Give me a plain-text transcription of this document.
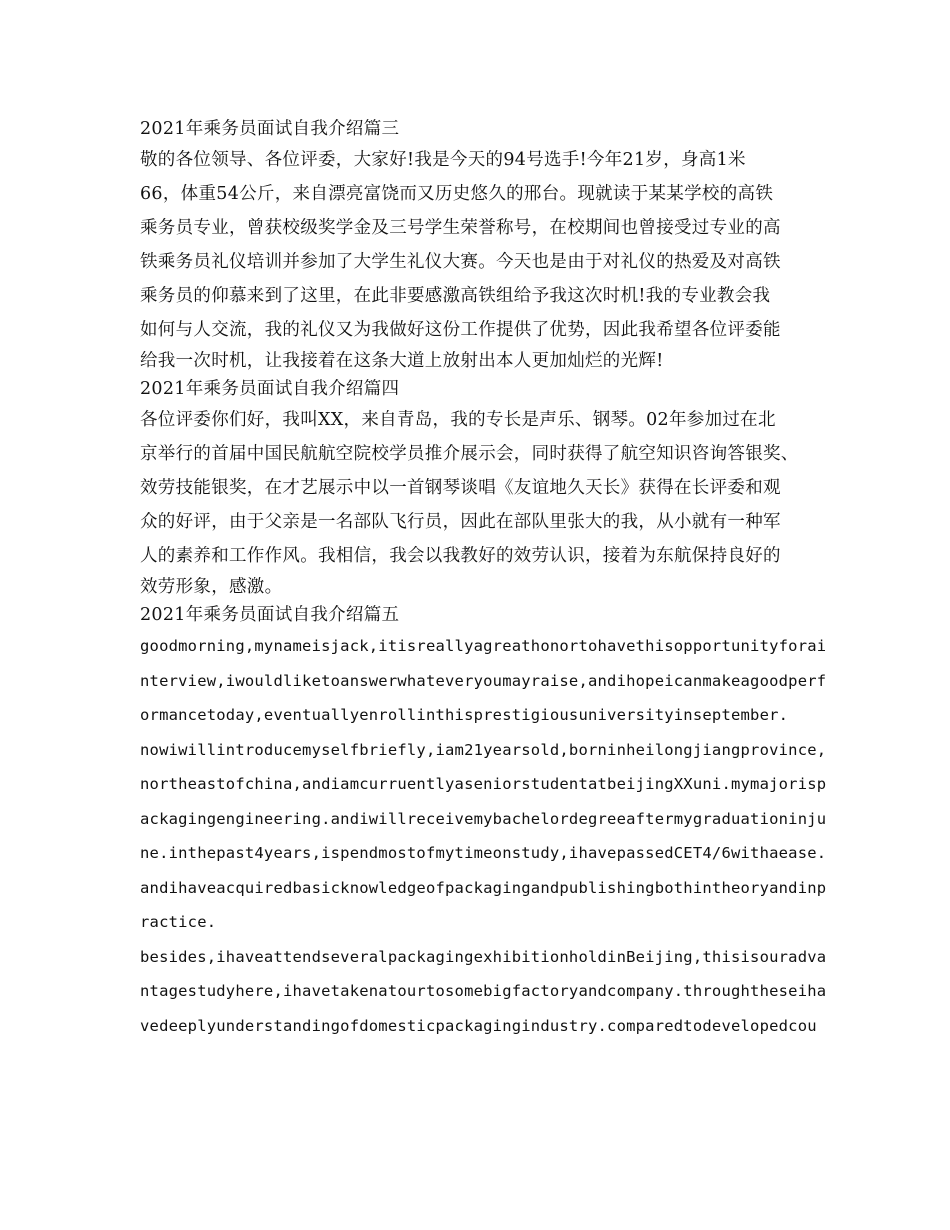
2021年乘务员面试自我介绍篇三
敬的各位领导、各位评委，大家好!我是今天的94号选手!今年21岁，身高1米
66，体重54公斤，来自漂亮富饶而又历史悠久的邢台。现就读于某某学校的高铁
乘务员专业，曾获校级奖学金及三号学生荣誉称号，在校期间也曾接受过专业的高
铁乘务员礼仪培训并参加了大学生礼仪大赛。今天也是由于对礼仪的热爱及对高铁
乘务员的仰慕来到了这里，在此非要感激高铁组给予我这次时机!我的专业教会我
如何与人交流，我的礼仪又为我做好这份工作提供了优势，因此我希望各位评委能
给我一次时机，让我接着在这条大道上放射出本人更加灿烂的光辉!
2021年乘务员面试自我介绍篇四
各位评委你们好，我叫XX，来自青岛，我的专长是声乐、钢琴。02年参加过在北
京举行的首届中国民航航空院校学员推介展示会，同时获得了航空知识咨询答银奖、
效劳技能银奖，在才艺展示中以一首钢琴谈唱《友谊地久天长》获得在长评委和观
众的好评，由于父亲是一名部队飞行员，因此在部队里张大的我，从小就有一种军
人的素养和工作作风。我相信，我会以我教好的效劳认识，接着为东航保持良好的
效劳形象，感激。
2021年乘务员面试自我介绍篇五
goodmorning,mynameisjack,itisreallyagreathonortohavethisopportunityforai
nterview,iwouldliketoanswerwhateveryoumayraise,andihopeicanmakeagoodperf
ormancetoday,eventuallyenrollinthisprestigiousuniversityinseptember.
nowiwillintroducemyselfbriefly,iam21yearsold,borninheilongjiangprovince,
northeastofchina,andiamcurruentlyaseniorstudentatbeijingXXuni.mymajorisp
ackagingengineering.andiwillreceivemybachelordegreeaftermygraduationinju
ne.inthepast4years,ispendmostofmytimeonstudy,ihavepassedCET4/6withaease.
andihaveacquiredbasicknowledgeofpackagingandpublishingbothintheoryandinp
ractice.
besides,ihaveattendseveralpackagingexhibitionholdinBeijing,thisisouradva
ntagestudyhere,ihavetakenatourtosomebigfactoryandcompany.throughtheseiha
vedeeplyunderstandingofdomesticpackagingindustry.comparedtodevelopedcou
